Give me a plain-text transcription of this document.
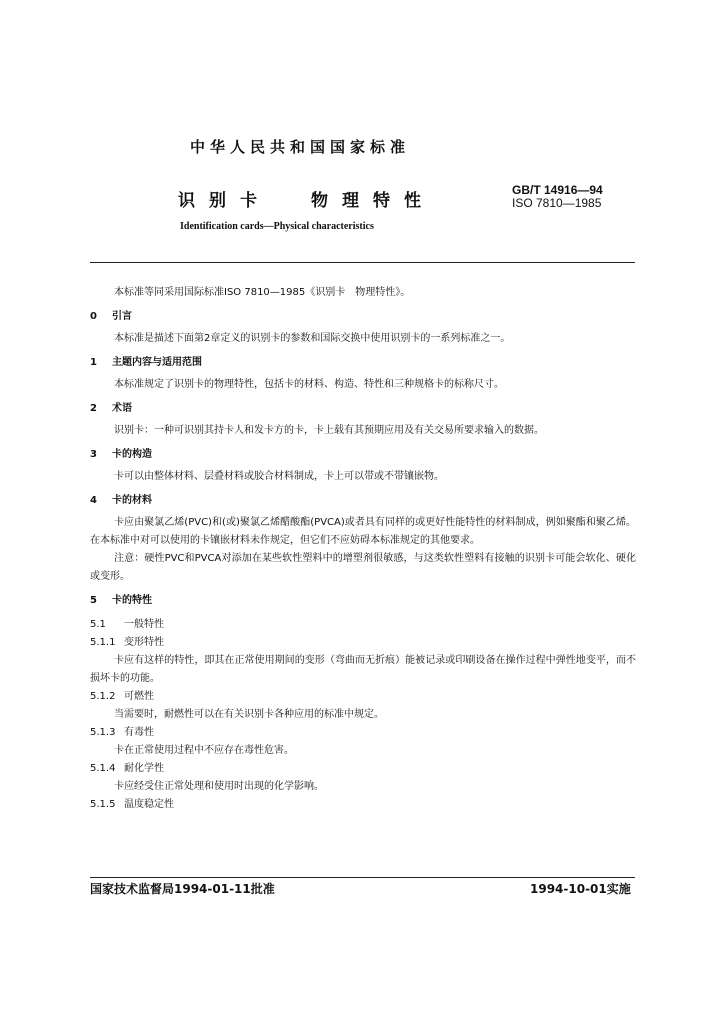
中华人民共和国国家标准
识别卡 物理特性
GB/T 14916—94
ISO 7810—1985
Identification cards—Physical characteristics

本标准等同采用国际标准ISO 7810—1985《识别卡　物理特性》。

0 引言

本标准是描述下面第2章定义的识别卡的参数和国际交换中使用识别卡的一系列标准之一。

1 主题内容与适用范围

本标准规定了识别卡的物理特性，包括卡的材料、构造、特性和三种规格卡的标称尺寸。

2 术语

识别卡：一种可识别其持卡人和发卡方的卡，卡上载有其预期应用及有关交易所要求输入的数据。

3 卡的构造

卡可以由整体材料、层叠材料或胶合材料制成，卡上可以带或不带镶嵌物。

4 卡的材料

卡应由聚氯乙烯(PVC)和(或)聚氯乙烯醋酸酯(PVCA)或者具有同样的或更好性能特性的材料制成，例如聚酯和聚乙烯。在本标准中对可以使用的卡镶嵌材料未作规定，但它们不应妨碍本标准规定的其他要求。

注意：硬性PVC和PVCA对添加在某些软性塑料中的增塑剂很敏感，与这类软性塑料有接触的识别卡可能会软化、硬化或变形。

5 卡的特性
5.1 一般特性
5.1.1 变形特性

卡应有这样的特性，即其在正常使用期间的变形（弯曲而无折痕）能被记录或印刷设备在操作过程中弹性地变平，而不损坏卡的功能。

5.1.2 可燃性

当需要时，耐燃性可以在有关识别卡各种应用的标准中规定。

5.1.3 有毒性

卡在正常使用过程中不应存在毒性危害。

5.1.4 耐化学性

卡应经受住正常处理和使用时出现的化学影响。

5.1.5 温度稳定性
国家技术监督局1994-01-11批准	1994-10-01实施
